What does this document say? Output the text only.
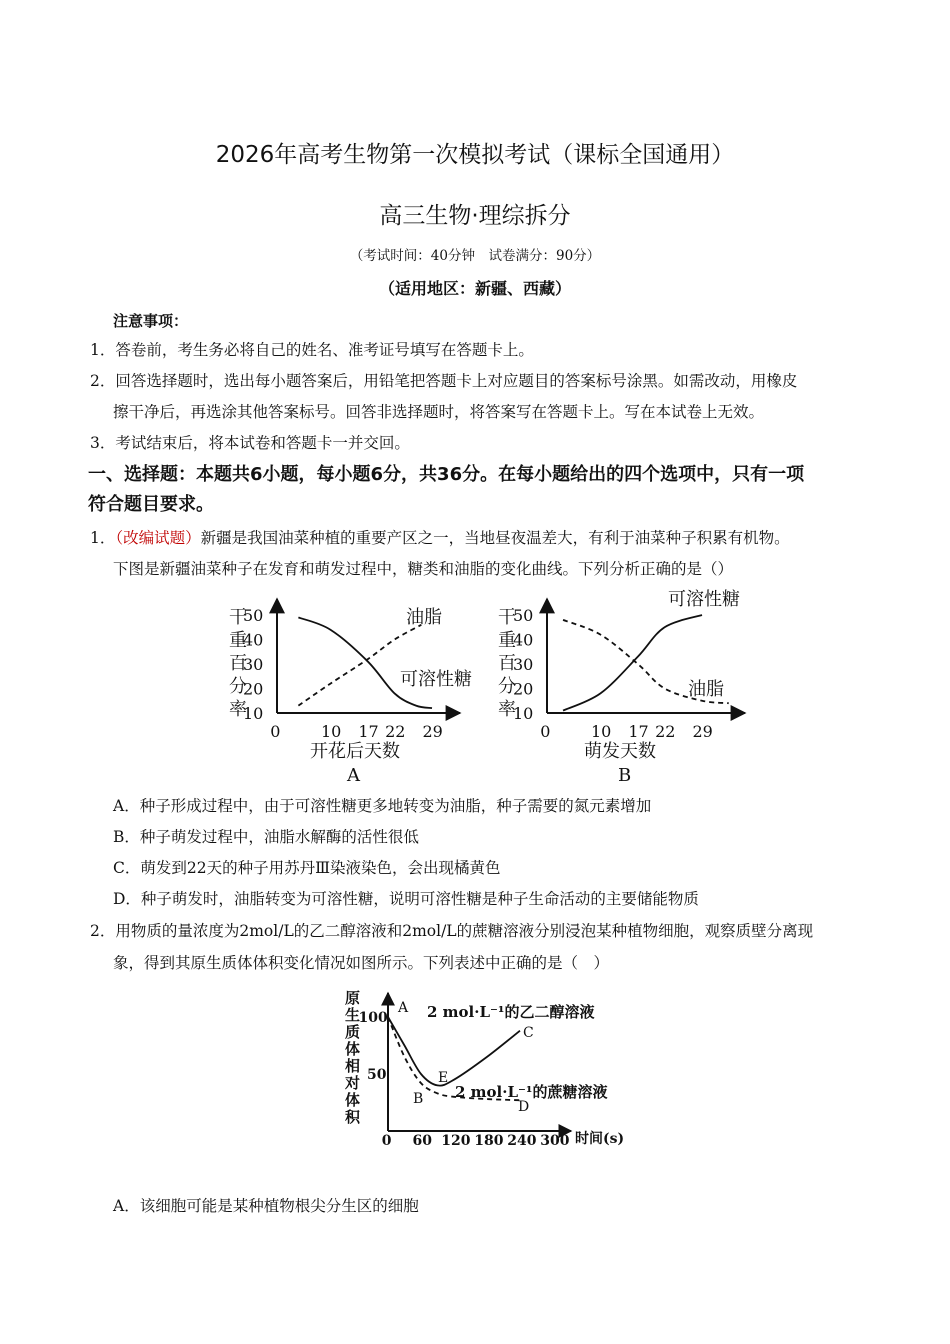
2026年高考生物第一次模拟考试（课标全国通用）
高三生物·理综拆分
（考试时间：40分钟　试卷满分：90分）
（适用地区：新疆、西藏）
注意事项：
1．答卷前，考生务必将自己的姓名、准考证号填写在答题卡上。
2．回答选择题时，选出每小题答案后，用铅笔把答题卡上对应题目的答案标号涂黑。如需改动，用橡皮
擦干净后，再选涂其他答案标号。回答非选择题时，将答案写在答题卡上。写在本试卷上无效。
3．考试结束后，将本试卷和答题卡一并交回。
一、选择题：本题共6小题，每小题6分，共36分。在每小题给出的四个选项中，只有一项
符合题目要求。
1．（改编试题）新疆是我国油菜种植的重要产区之一，当地昼夜温差大，有利于油菜种子积累有机物。
下图是新疆油菜种子在发育和萌发过程中，糖类和油脂的变化曲线。下列分析正确的是（）
干
重
百
分
率
10
20
30
40
50
0	10 17 22 29
油脂
可溶性糖
开花后天数
A
干
重
百
分
率
10
20
30
40
50
0	10 17 22 29
可溶性糖
油脂
萌发天数
B
A．种子形成过程中，由于可溶性糖更多地转变为油脂，种子需要的氮元素增加
B．种子萌发过程中，油脂水解酶的活性很低
C．萌发到22天的种子用苏丹Ⅲ染液染色，会出现橘黄色
D．种子萌发时，油脂转变为可溶性糖，说明可溶性糖是种子生命活动的主要储能物质
2．用物质的量浓度为2mol/L的乙二醇溶液和2mol/L的蔗糖溶液分别浸泡某种植物细胞，观察质壁分离现
象，得到其原生质体体积变化情况如图所示。下列表述中正确的是（　）
原
生
质
体
相
对
体
积
50
100
0 60 120 180 240 300
2 mol·L⁻¹的乙二醇溶液
2 mol·L⁻¹的蔗糖溶液
A
B
C
D
E
时间(s)
A．该细胞可能是某种植物根尖分生区的细胞
